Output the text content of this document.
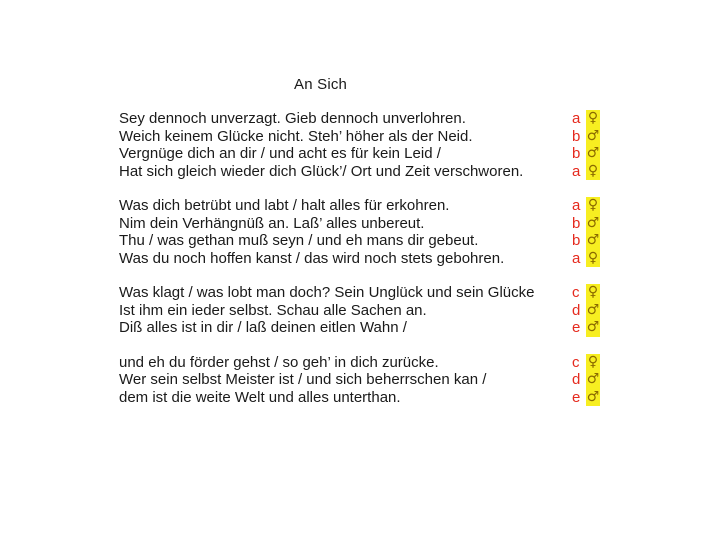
An Sich
Sey dennoch unverzagt. Gieb dennoch unverlohren.	a ♀
Weich keinem Glücke nicht. Steh’ höher als der Neid.	b ♂
Vergnüge dich an dir / und acht es für kein Leid /	b ♂
Hat sich gleich wieder dich Glück’/ Ort und Zeit verschworen.	a ♀
Was dich betrübt und labt / halt alles für erkohren.	a ♀
Nim dein Verhängnüß an. Laß’ alles unbereut.	b ♂
Thu / was gethan muß seyn / und eh mans dir gebeut.	b ♂
Was du noch hoffen kanst / das wird noch stets gebohren.	a ♀
Was klagt / was lobt man doch? Sein Unglück und sein Glücke	c ♀
Ist ihm ein ieder selbst. Schau alle Sachen an.	d ♂
Diß alles ist in dir / laß deinen eitlen Wahn /	e ♂
und eh du förder gehst / so geh’ in dich zurücke.	c ♀
Wer sein selbst Meister ist / und sich beherrschen kan /	d ♂
dem ist die weite Welt und alles unterthan.	e ♂
